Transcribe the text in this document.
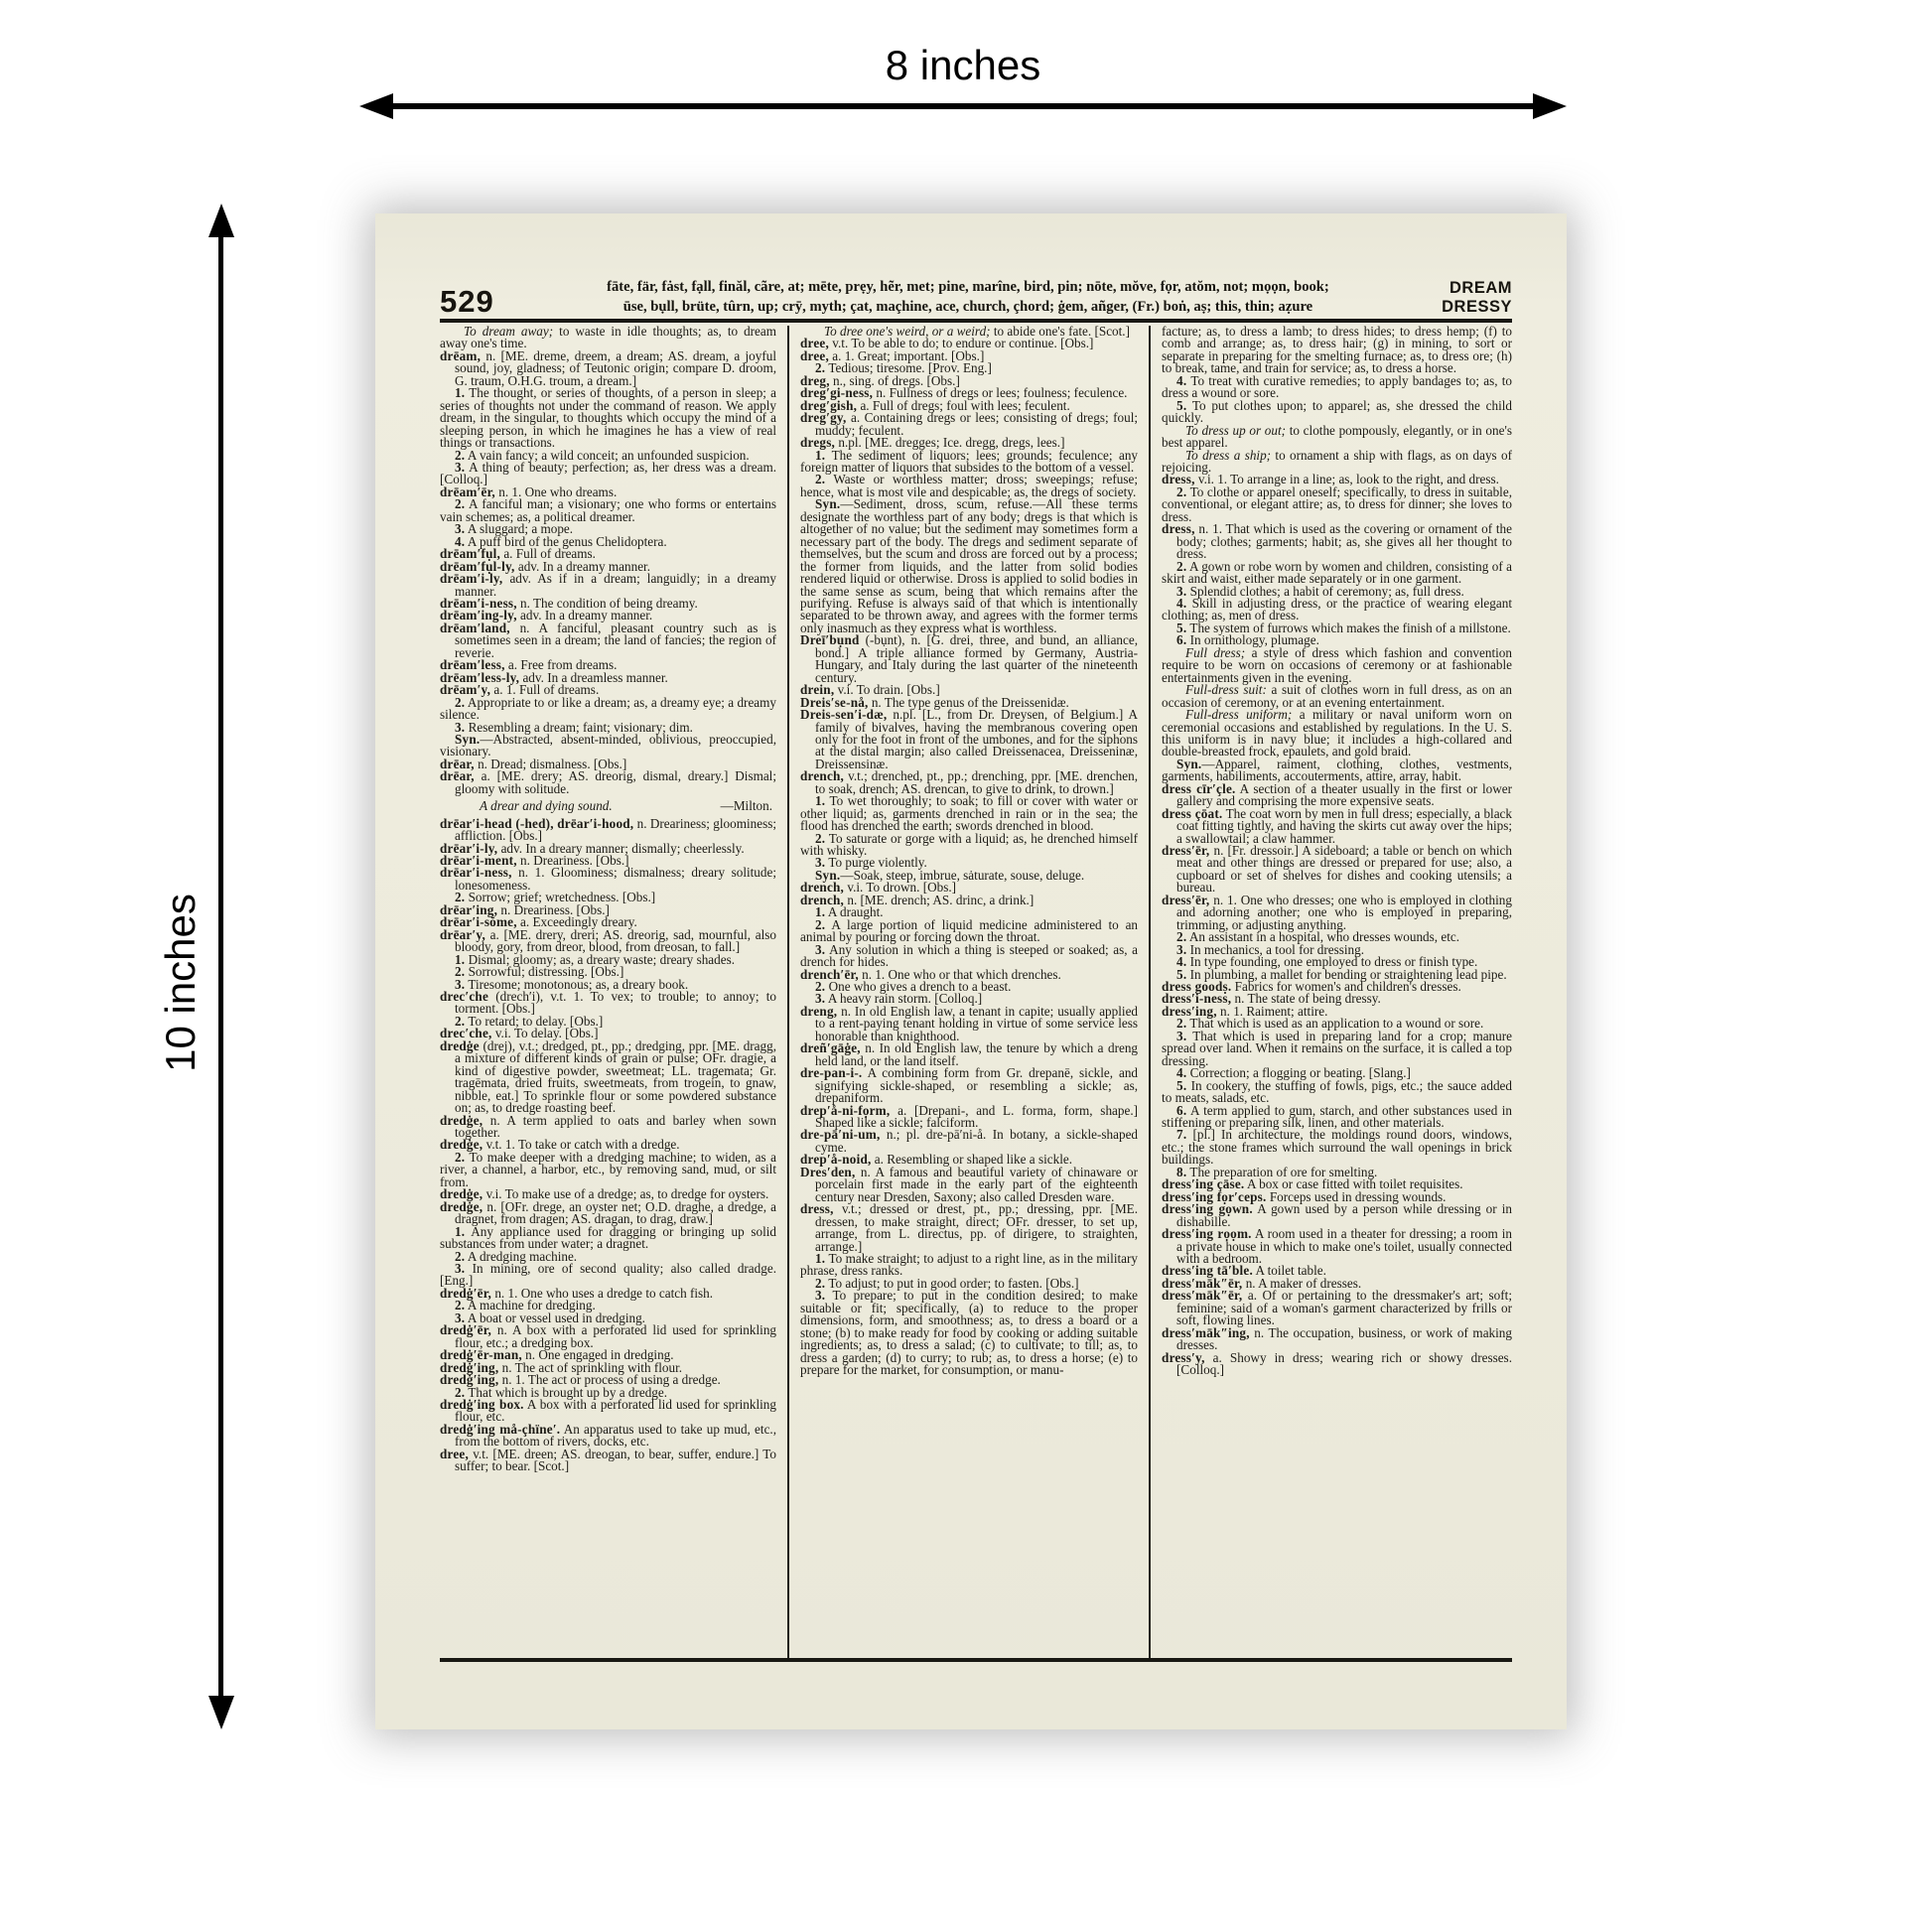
8 inches
10 inches
529	fāte, fär, fȧst, fạll, finăl, cãre, at; mēte, prẹy, hẽr, met; pine, marîne, bird, pin; nōte, mŏve, fọr, atŏm, not; mọọn, book;
ūse, bụll, brüte, tûrn, up; crȳ, myth; çat, maçhine, ace, church, çhord; ġem, añger, (Fr.) boṅ, aṣ; this, thin; aẓure
DREAM
DRESSY

To dream away; to waste in idle thoughts; as, to dream away one's time.

drēam, n. [ME. dreme, dreem, a dream; AS. dream, a joyful sound, joy, gladness; of Teutonic origin; compare D. droom, G. traum, O.H.G. troum, a dream.]

1. The thought, or series of thoughts, of a person in sleep; a series of thoughts not under the command of reason. We apply dream, in the singular, to thoughts which occupy the mind of a sleeping person, in which he imagines he has a view of real things or transactions.

2. A vain fancy; a wild conceit; an unfounded suspicion.

3. A thing of beauty; perfection; as, her dress was a dream. [Colloq.]

drēam′ēr, n. 1. One who dreams.

2. A fanciful man; a visionary; one who forms or entertains vain schemes; as, a political dreamer.

3. A sluggard; a mope.

4. A puff bird of the genus Chelidoptera.

drēam′fụl, a. Full of dreams.

drēam′fụl-ly, adv. In a dreamy manner.

drēam′i-ly, adv. As if in a dream; languidly; in a dreamy manner.

drēam′i-ness, n. The condition of being dreamy.

drēam′ing-ly, adv. In a dreamy manner.

drēam′land, n. A fanciful, pleasant country such as is sometimes seen in a dream; the land of fancies; the region of reverie.

drēam′less, a. Free from dreams.

drēam′less-ly, adv. In a dreamless manner.

drēam′y, a. 1. Full of dreams.

2. Appropriate to or like a dream; as, a dreamy eye; a dreamy silence.

3. Resembling a dream; faint; visionary; dim.

Syn.—Abstracted, absent-minded, oblivious, preoccupied, visionary.

drēar, n. Dread; dismalness. [Obs.]

drēar, a. [ME. drery; AS. dreorig, dismal, dreary.] Dismal; gloomy with solitude.

A drear and dying sound.	—Milton.

drēar′i-head (-hed), drēar′i-hood, n. Dreariness; gloominess; affliction. [Obs.]

drēar′i-ly, adv. In a dreary manner; dismally; cheerlessly.

drēar′i-ment, n. Dreariness. [Obs.]

drēar′i-ness, n. 1. Gloominess; dismalness; dreary solitude; lonesomeness.

2. Sorrow; grief; wretchedness. [Obs.]

drēar′ing, n. Dreariness. [Obs.]

drēar′i-sŏme, a. Exceedingly dreary.

drēar′y, a. [ME. drery, dreri; AS. dreorig, sad, mournful, also bloody, gory, from dreor, blood, from dreosan, to fall.]

1. Dismal; gloomy; as, a dreary waste; dreary shades.

2. Sorrowful; distressing. [Obs.]

3. Tiresome; monotonous; as, a dreary book.

drec′che (drech′i), v.t. 1. To vex; to trouble; to annoy; to torment. [Obs.]

2. To retard; to delay. [Obs.]

drec′che, v.i. To delay. [Obs.]

dredġe (drej), v.t.; dredged, pt., pp.; dredging, ppr. [ME. dragg, a mixture of different kinds of grain or pulse; OFr. dragie, a kind of digestive powder, sweetmeat; LL. tragemata; Gr. tragēmata, dried fruits, sweetmeats, from trogein, to gnaw, nibble, eat.] To sprinkle flour or some powdered substance on; as, to dredge roasting beef.

dredġe, n. A term applied to oats and barley when sown together.

dredġe, v.t. 1. To take or catch with a dredge.

2. To make deeper with a dredging machine; to widen, as a river, a channel, a harbor, etc., by removing sand, mud, or silt from.

dredġe, v.i. To make use of a dredge; as, to dredge for oysters.

dredġe, n. [OFr. drege, an oyster net; O.D. draghe, a dredge, a dragnet, from dragen; AS. dragan, to drag, draw.]

1. Any appliance used for dragging or bringing up solid substances from under water; a dragnet.

2. A dredging machine.

3. In mining, ore of second quality; also called dradge. [Eng.]

dredġ′ēr, n. 1. One who uses a dredge to catch fish.

2. A machine for dredging.

3. A boat or vessel used in dredging.

dredġ′ēr, n. A box with a perforated lid used for sprinkling flour, etc.; a dredging box.

dredġ′ēr-man, n. One engaged in dredging.

dredġ′ing, n. The act of sprinkling with flour.

dredġ′ing, n. 1. The act or process of using a dredge.

2. That which is brought up by a dredge.

dredġ′ing box. A box with a perforated lid used for sprinkling flour, etc.

dredġ′ing må-çhïne′. An apparatus used to take up mud, etc., from the bottom of rivers, docks, etc.

dree, v.t. [ME. dreen; AS. dreogan, to bear, suffer, endure.] To suffer; to bear. [Scot.]

To dree one's weird, or a weird; to abide one's fate. [Scot.]

dree, v.t. To be able to do; to endure or continue. [Obs.]

dree, a. 1. Great; important. [Obs.]

2. Tedious; tiresome. [Prov. Eng.]

dreg, n., sing. of dregs. [Obs.]

dreg′gi-ness, n. Fullness of dregs or lees; foulness; feculence.

dreg′gish, a. Full of dregs; foul with lees; feculent.

dreg′gy, a. Containing dregs or lees; consisting of dregs; foul; muddy; feculent.

dregs, n.pl. [ME. dregges; Ice. dregg, dregs, lees.]

1. The sediment of liquors; lees; grounds; feculence; any foreign matter of liquors that subsides to the bottom of a vessel.

2. Waste or worthless matter; dross; sweepings; refuse; hence, what is most vile and despicable; as, the dregs of society.

Syn.—Sediment, dross, scum, refuse.—All these terms designate the worthless part of any body; dregs is that which is altogether of no value; but the sediment may sometimes form a necessary part of the body. The dregs and sediment separate of themselves, but the scum and dross are forced out by a process; the former from liquids, and the latter from solid bodies rendered liquid or otherwise. Dross is applied to solid bodies in the same sense as scum, being that which remains after the purifying. Refuse is always said of that which is intentionally separated to be thrown away, and agrees with the former terms only inasmuch as they express what is worthless.

Dreī′bụnd (-bụnt), n. [G. drei, three, and bund, an alliance, bond.] A triple alliance formed by Germany, Austria-Hungary, and Italy during the last quarter of the nineteenth century.

drein, v.i. To drain. [Obs.]

Dreis′se-nå, n. The type genus of the Dreissenidæ.

Dreis-sen′i-dæ, n.pl. [L., from Dr. Dreysen, of Belgium.] A family of bivalves, having the membranous covering open only for the foot in front of the umbones, and for the siphons at the distal margin; also called Dreissenacea, Dreisseninæ, Dreissensinæ.

drench, v.t.; drenched, pt., pp.; drenching, ppr. [ME. drenchen, to soak, drench; AS. drencan, to give to drink, to drown.]

1. To wet thoroughly; to soak; to fill or cover with water or other liquid; as, garments drenched in rain or in the sea; the flood has drenched the earth; swords drenched in blood.

2. To saturate or gorge with a liquid; as, he drenched himself with whisky.

3. To purge violently.

Syn.—Soak, steep, imbrue, sȧturate, souse, deluge.

drench, v.i. To drown. [Obs.]

drench, n. [ME. drench; AS. drinc, a drink.]

1. A draught.

2. A large portion of liquid medicine administered to an animal by pouring or forcing down the throat.

3. Any solution in which a thing is steeped or soaked; as, a drench for hides.

drench′ēr, n. 1. One who or that which drenches.

2. One who gives a drench to a beast.

3. A heavy rain storm. [Colloq.]

dreng, n. In old English law, a tenant in capite; usually applied to a rent-paying tenant holding in virtue of some service less honorable than knighthood.

dreñ′gāġe, n. In old English law, the tenure by which a dreng held land, or the land itself.

dre-pan-i-. A combining form from Gr. drepanē, sickle, and signifying sickle-shaped, or resembling a sickle; as, drepaniform.

drep′å-ni-fọrm, a. [Drepani-, and L. forma, form, shape.] Shaped like a sickle; falciform.

dre-pā′ni-um, n.; pl. dre-pā′ni-å. In botany, a sickle-shaped cyme.

drep′å-noid, a. Resembling or shaped like a sickle.

Dres′den, n. A famous and beautiful variety of chinaware or porcelain first made in the early part of the eighteenth century near Dresden, Saxony; also called Dresden ware.

dress, v.t.; dressed or drest, pt., pp.; dressing, ppr. [ME. dressen, to make straight, direct; OFr. dresser, to set up, arrange, from L. directus, pp. of dirigere, to straighten, arrange.]

1. To make straight; to adjust to a right line, as in the military phrase, dress ranks.

2. To adjust; to put in good order; to fasten. [Obs.]

3. To prepare; to put in the condition desired; to make suitable or fit; specifically, (a) to reduce to the proper dimensions, form, and smoothness; as, to dress a board or a stone; (b) to make ready for food by cooking or adding suitable ingredients; as, to dress a salad; (c) to cultivate; to till; as, to dress a garden; (d) to curry; to rub; as, to dress a horse; (e) to prepare for the market, for consumption, or manu-

facture; as, to dress a lamb; to dress hides; to dress hemp; (f) to comb and arrange; as, to dress hair; (g) in mining, to sort or separate in preparing for the smelting furnace; as, to dress ore; (h) to break, tame, and train for service; as, to dress a horse.

4. To treat with curative remedies; to apply bandages to; as, to dress a wound or sore.

5. To put clothes upon; to apparel; as, she dressed the child quickly.

To dress up or out; to clothe pompously, elegantly, or in one's best apparel.

To dress a ship; to ornament a ship with flags, as on days of rejoicing.

dress, v.i. 1. To arrange in a line; as, look to the right, and dress.

2. To clothe or apparel oneself; specifically, to dress in suitable, conventional, or elegant attire; as, to dress for dinner; she loves to dress.

dress, n. 1. That which is used as the covering or ornament of the body; clothes; garments; habit; as, she gives all her thought to dress.

2. A gown or robe worn by women and children, consisting of a skirt and waist, either made separately or in one garment.

3. Splendid clothes; a habit of ceremony; as, full dress.

4. Skill in adjusting dress, or the practice of wearing elegant clothing; as, men of dress.

5. The system of furrows which makes the finish of a millstone.

6. In ornithology, plumage.

Full dress; a style of dress which fashion and convention require to be worn on occasions of ceremony or at fashionable entertainments given in the evening.

Full-dress suit: a suit of clothes worn in full dress, as on an occasion of ceremony, or at an evening entertainment.

Full-dress uniform; a military or naval uniform worn on ceremonial occasions and established by regulations. In the U. S. this uniform is in navy blue; it includes a high-collared and double-breasted frock, epaulets, and gold braid.

Syn.—Apparel, raiment, clothing, clothes, vestments, garments, habiliments, accouterments, attire, array, habit.

dress cīr′çle. A section of a theater usually in the first or lower gallery and comprising the more expensive seats.

dress çōat. The coat worn by men in full dress; especially, a black coat fitting tightly, and having the skirts cut away over the hips; a swallowtail; a claw hammer.

dress′ēr, n. [Fr. dressoir.] A sideboard; a table or bench on which meat and other things are dressed or prepared for use; also, a cupboard or set of shelves for dishes and cooking utensils; a bureau.

dress′ēr, n. 1. One who dresses; one who is employed in clothing and adorning another; one who is employed in preparing, trimming, or adjusting anything.

2. An assistant in a hospital, who dresses wounds, etc.

3. In mechanics, a tool for dressing.

4. In type founding, one employed to dress or finish type.

5. In plumbing, a mallet for bending or straightening lead pipe.

dress goodṣ. Fabrics for women's and children's dresses.

dress′i-ness, n. The state of being dressy.

dress′ing, n. 1. Raiment; attire.

2. That which is used as an application to a wound or sore.

3. That which is used in preparing land for a crop; manure spread over land. When it remains on the surface, it is called a top dressing.

4. Correction; a flogging or beating. [Slang.]

5. In cookery, the stuffing of fowls, pigs, etc.; the sauce added to meats, salads, etc.

6. A term applied to gum, starch, and other substances used in stiffening or preparing silk, linen, and other materials.

7. [pl.] In architecture, the moldings round doors, windows, etc.; the stone frames which surround the wall openings in brick buildings.

8. The preparation of ore for smelting.

dress′ing çāse. A box or case fitted with toilet requisites.

dress′ing fọr′ceps. Forceps used in dressing wounds.

dress′ing gọwn. A gown used by a person while dressing or in dishabille.

dress′ing rọọm. A room used in a theater for dressing; a room in a private house in which to make one's toilet, usually connected with a bedroom.

dress′ing tā′ble. A toilet table.

dress′māk″ēr, n. A maker of dresses.

dress′māk″ēr, a. Of or pertaining to the dressmaker's art; soft; feminine; said of a woman's garment characterized by frills or soft, flowing lines.

dress′māk″ing, n. The occupation, business, or work of making dresses.

dress′y, a. Showy in dress; wearing rich or showy dresses. [Colloq.]
